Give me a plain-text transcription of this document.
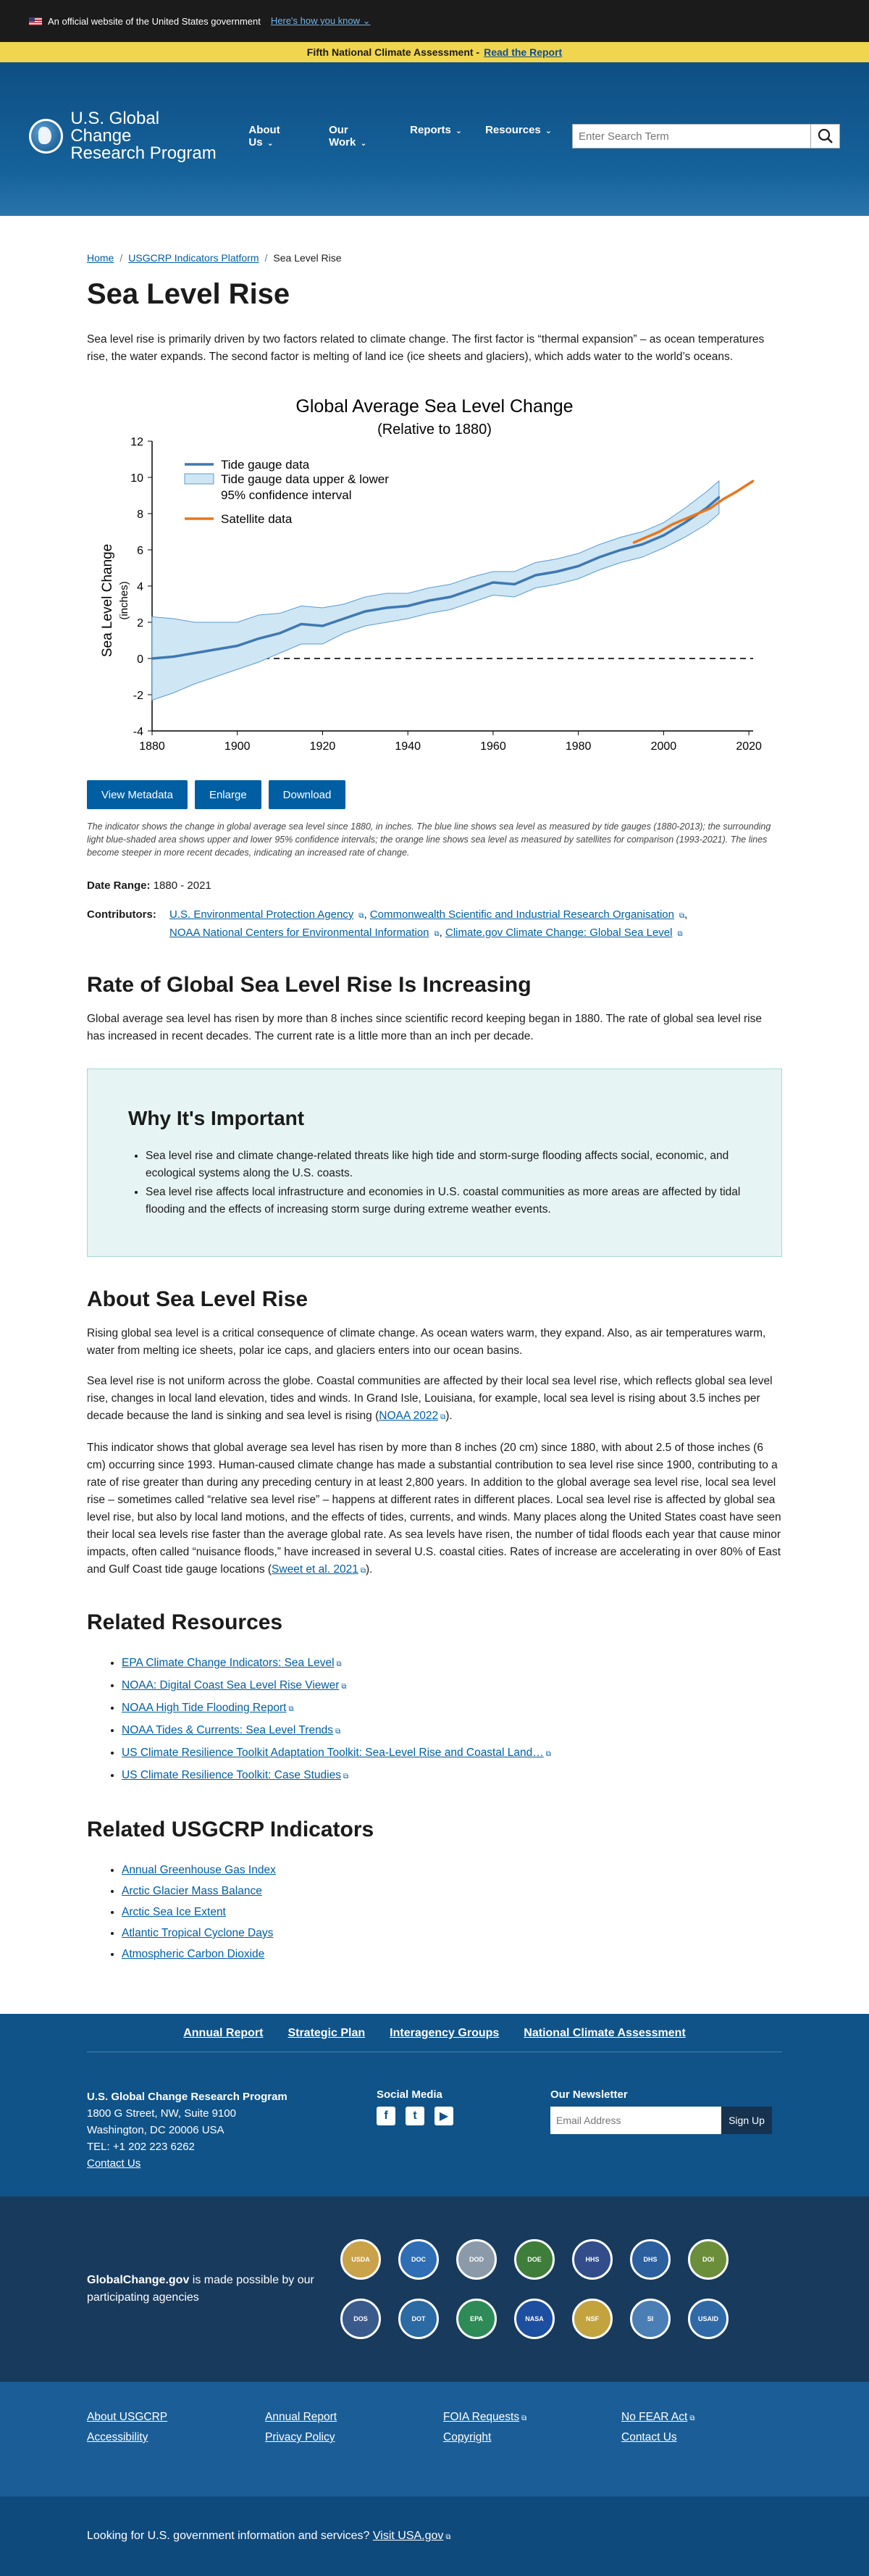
An official website of the United States government Here's how you know ⌄
Fifth National Climate Assessment - Read the Report
U.S. Global Change
Research Program
About Us ⌄
Our Work ⌄
Reports ⌄ Resources ⌄
Enter Search Term
Home / USGCRP Indicators Platform / Sea Level Rise
Sea Level Rise

Sea level rise is primarily driven by two factors related to climate change. The first factor is “thermal expansion” – as ocean temperatures rise, the water expands. The second factor is melting of land ice (ice sheets and glaciers), which adds water to the world’s oceans.

Global Average Sea Level Change
(Relative to 1880)
-4
-2
0
2
4
6
8
10
12
1880	1900	1920	1940	1960	1980	2000	2020
Tide gauge data
Tide gauge data upper & lower
95% confidence interval
Satellite data
Sea Level Change (inches)
View Metadata	Enlarge	Download

The indicator shows the change in global average sea level since 1880, in inches. The blue line shows sea level as measured by tide gauges (1880-2013); the surrounding light blue-shaded area shows upper and lower 95% confidence intervals; the orange line shows sea level as measured by satellites for comparison (1993-2021). The lines become steeper in more recent decades, indicating an increased rate of change.

Date Range: 1880 - 2021
Contributors:	U.S. Environmental Protection Agency ⧉, Commonwealth Scientific and Industrial Research Organisation ⧉,
NOAA National Centers for Environmental Information ⧉, Climate.gov Climate Change: Global Sea Level ⧉
Rate of Global Sea Level Rise Is Increasing

Global average sea level has risen by more than 8 inches since scientific record keeping began in 1880. The rate of global sea level rise has increased in recent decades. The current rate is a little more than an inch per decade.

Why It's Important
• Sea level rise and climate change-related threats like high tide and storm-surge flooding affects social, economic, and ecological systems along the U.S. coasts.
• Sea level rise affects local infrastructure and economies in U.S. coastal communities as more areas are affected by tidal flooding and the effects of increasing storm surge during extreme weather events.
About Sea Level Rise

Rising global sea level is a critical consequence of climate change. As ocean waters warm, they expand. Also, as air temperatures warm, water from melting ice sheets, polar ice caps, and glaciers enters into our ocean basins.

Sea level rise is not uniform across the globe. Coastal communities are affected by their local sea level rise, which reflects global sea level rise, changes in local land elevation, tides and winds. In Grand Isle, Louisiana, for example, local sea level is rising about 3.5 inches per decade because the land is sinking and sea level is rising (NOAA 2022 ⧉).

This indicator shows that global average sea level has risen by more than 8 inches (20 cm) since 1880, with about 2.5 of those inches (6 cm) occurring since 1993. Human-caused climate change has made a substantial contribution to sea level rise since 1900, contributing to a rate of rise greater than during any preceding century in at least 2,800 years. In addition to the global average sea level rise, local sea level rise – sometimes called “relative sea level rise” – happens at different rates in different places. Local sea level rise is affected by global sea level rise, but also by local land motions, and the effects of tides, currents, and winds. Many places along the United States coast have seen their local sea levels rise faster than the average global rate. As sea levels have risen, the number of tidal floods each year that cause minor impacts, often called “nuisance floods,” have increased in several U.S. coastal cities. Rates of increase are accelerating in over 80% of East and Gulf Coast tide gauge locations (Sweet et al. 2021 ⧉).

Related Resources
• EPA Climate Change Indicators: Sea Level ⧉
• NOAA: Digital Coast Sea Level Rise Viewer ⧉
• NOAA High Tide Flooding Report ⧉
• NOAA Tides & Currents: Sea Level Trends ⧉
• US Climate Resilience Toolkit Adaptation Toolkit: Sea-Level Rise and Coastal Land… ⧉
• US Climate Resilience Toolkit: Case Studies ⧉
Related USGCRP Indicators
• Annual Greenhouse Gas Index
• Arctic Glacier Mass Balance
• Arctic Sea Ice Extent
• Atlantic Tropical Cyclone Days
• Atmospheric Carbon Dioxide
Annual Report Strategic Plan Interagency Groups National Climate Assessment
U.S. Global Change Research Program
1800 G Street, NW, Suite 9100
Washington, DC 20006 USA
TEL: +1 202 223 6262
Contact Us
Social Media
f	t	▶
Our Newsletter
Email Address
Sign Up
GlobalChange.gov is made possible by our participating agencies
USDA	DOC	DOD	DOE	HHS	DHS	DOI
DOS	DOT	EPA	NASA	NSF	SI	USAID
About USGCRP	Annual Report	FOIA Requests ⧉	No FEAR Act ⧉
Accessibility	Privacy Policy	Copyright	Contact Us
Looking for U.S. government information and services? Visit USA.gov ⧉
